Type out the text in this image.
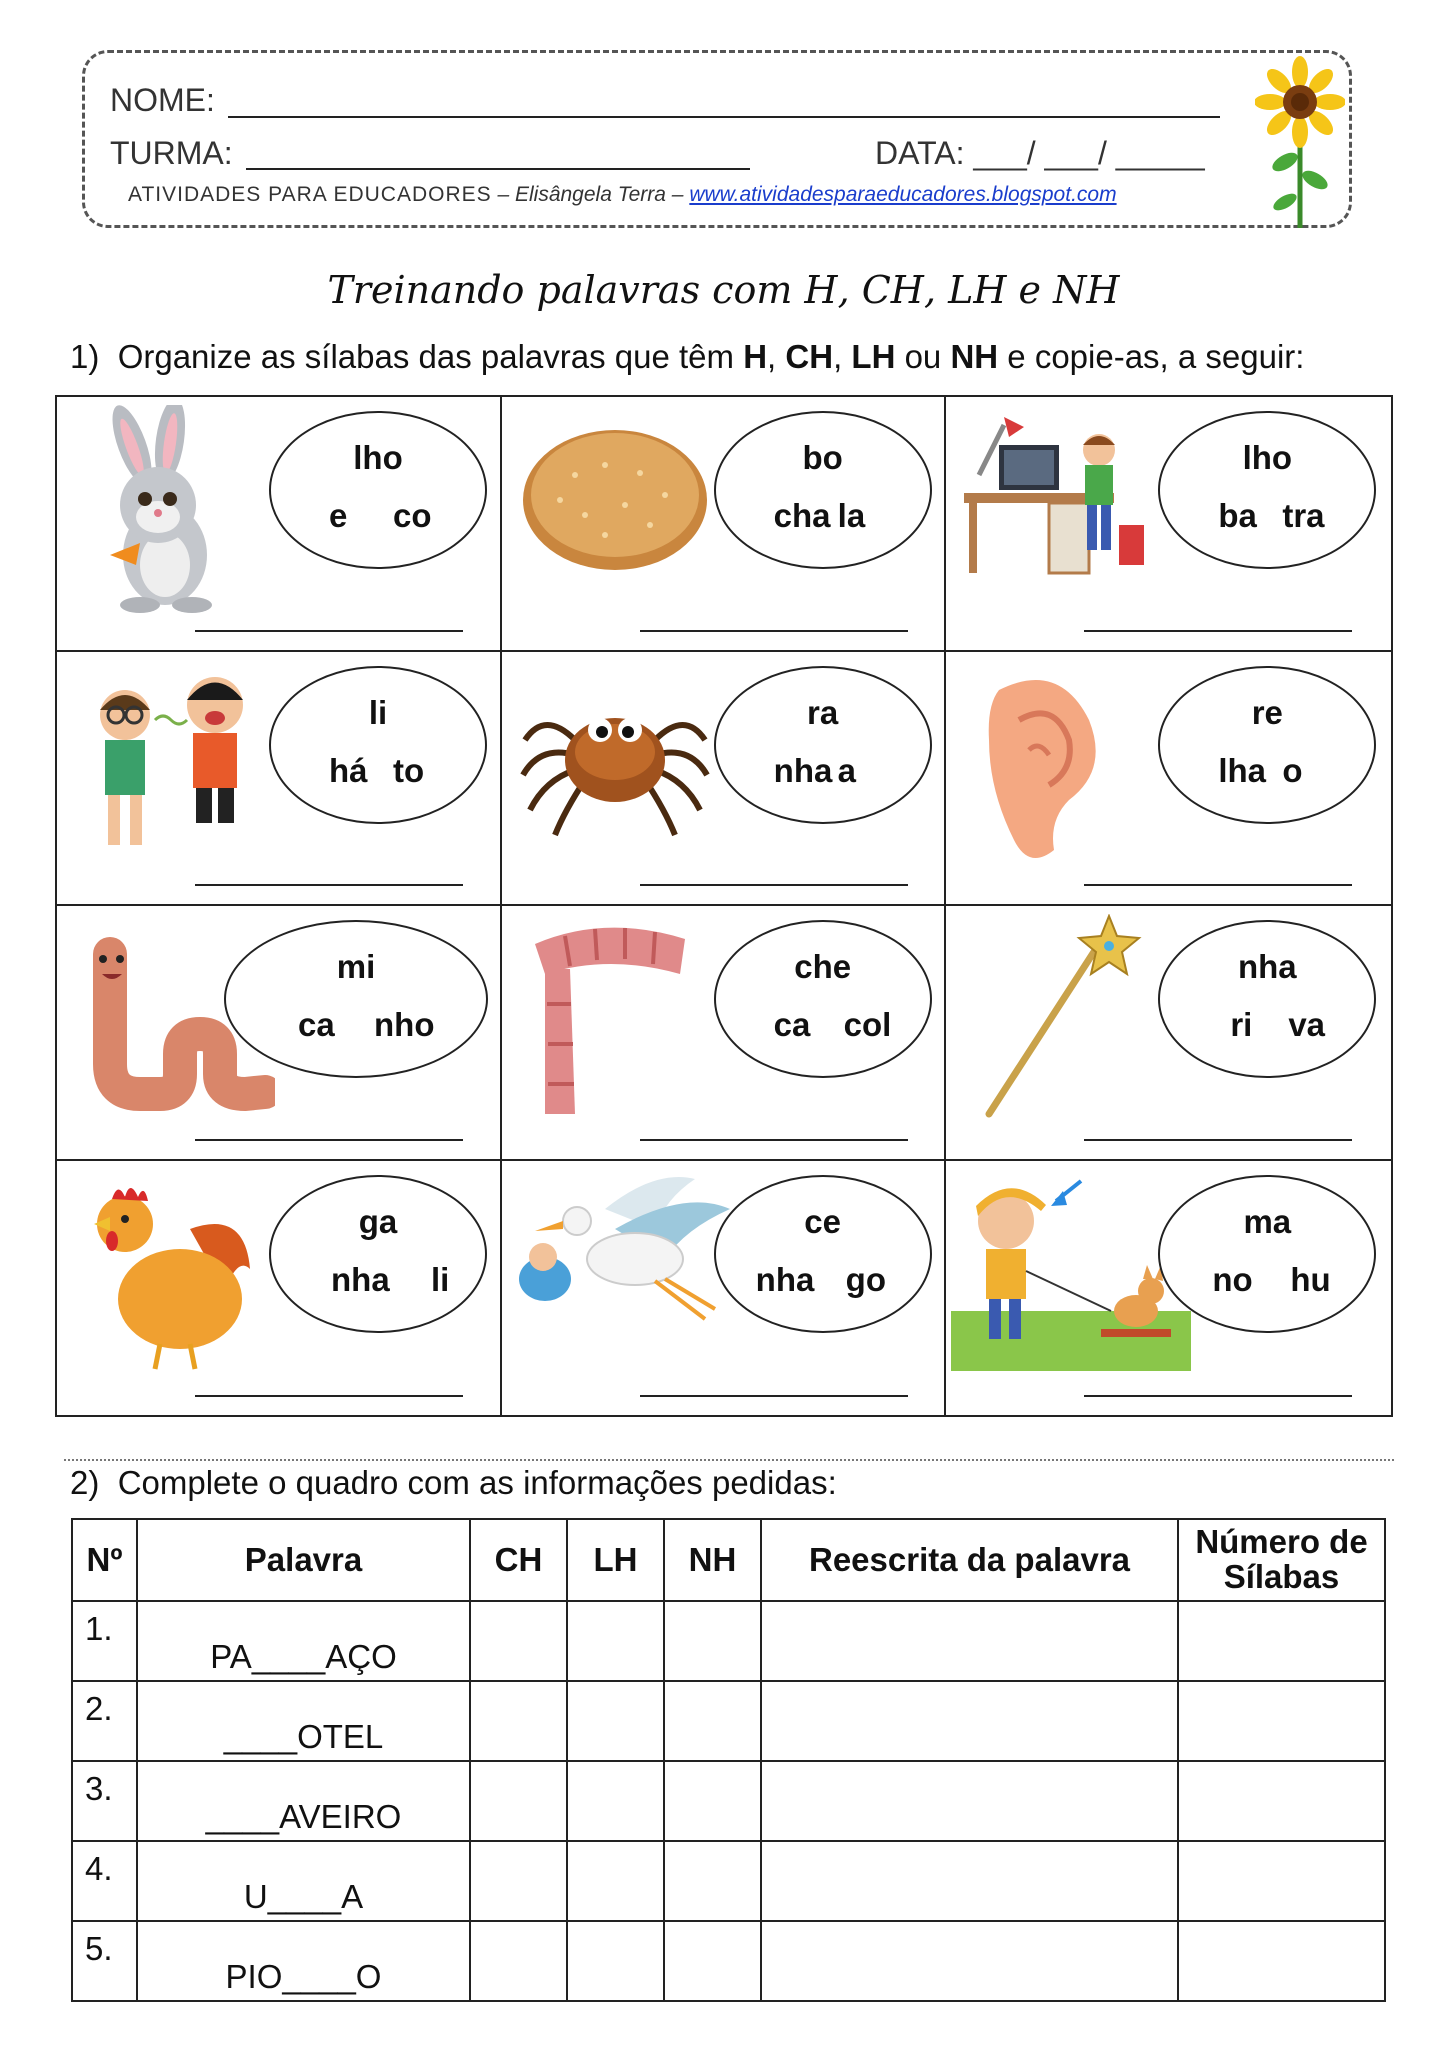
NOME:
TURMA:	DATA: ___/ ___/ _____
ATIVIDADES PARA EDUCADORES – Elisângela Terra – www.atividadesparaeducadores.blogspot.com
Treinando palavras com H, CH, LH e NH
1) Organize as sílabas das palavras que têm H, CH, LH ou NH e copie-as, a seguir:
lho
e co
bo
cha la
lho
ba tra
li
há to
ra
nha a
re
lha o
mi
ca nho
che
ca col
nha
ri va
ga
nha li
ce
nha go
ma
no hu
2) Complete o quadro com as informações pedidas:
Nº	Palavra	CH	LH	NH	Reescrita da palavra	Número de Sílabas
1.	PA____AÇO					
2.	____OTEL					
3.	____AVEIRO					
4.	U____A					
5.	PIO____O					
